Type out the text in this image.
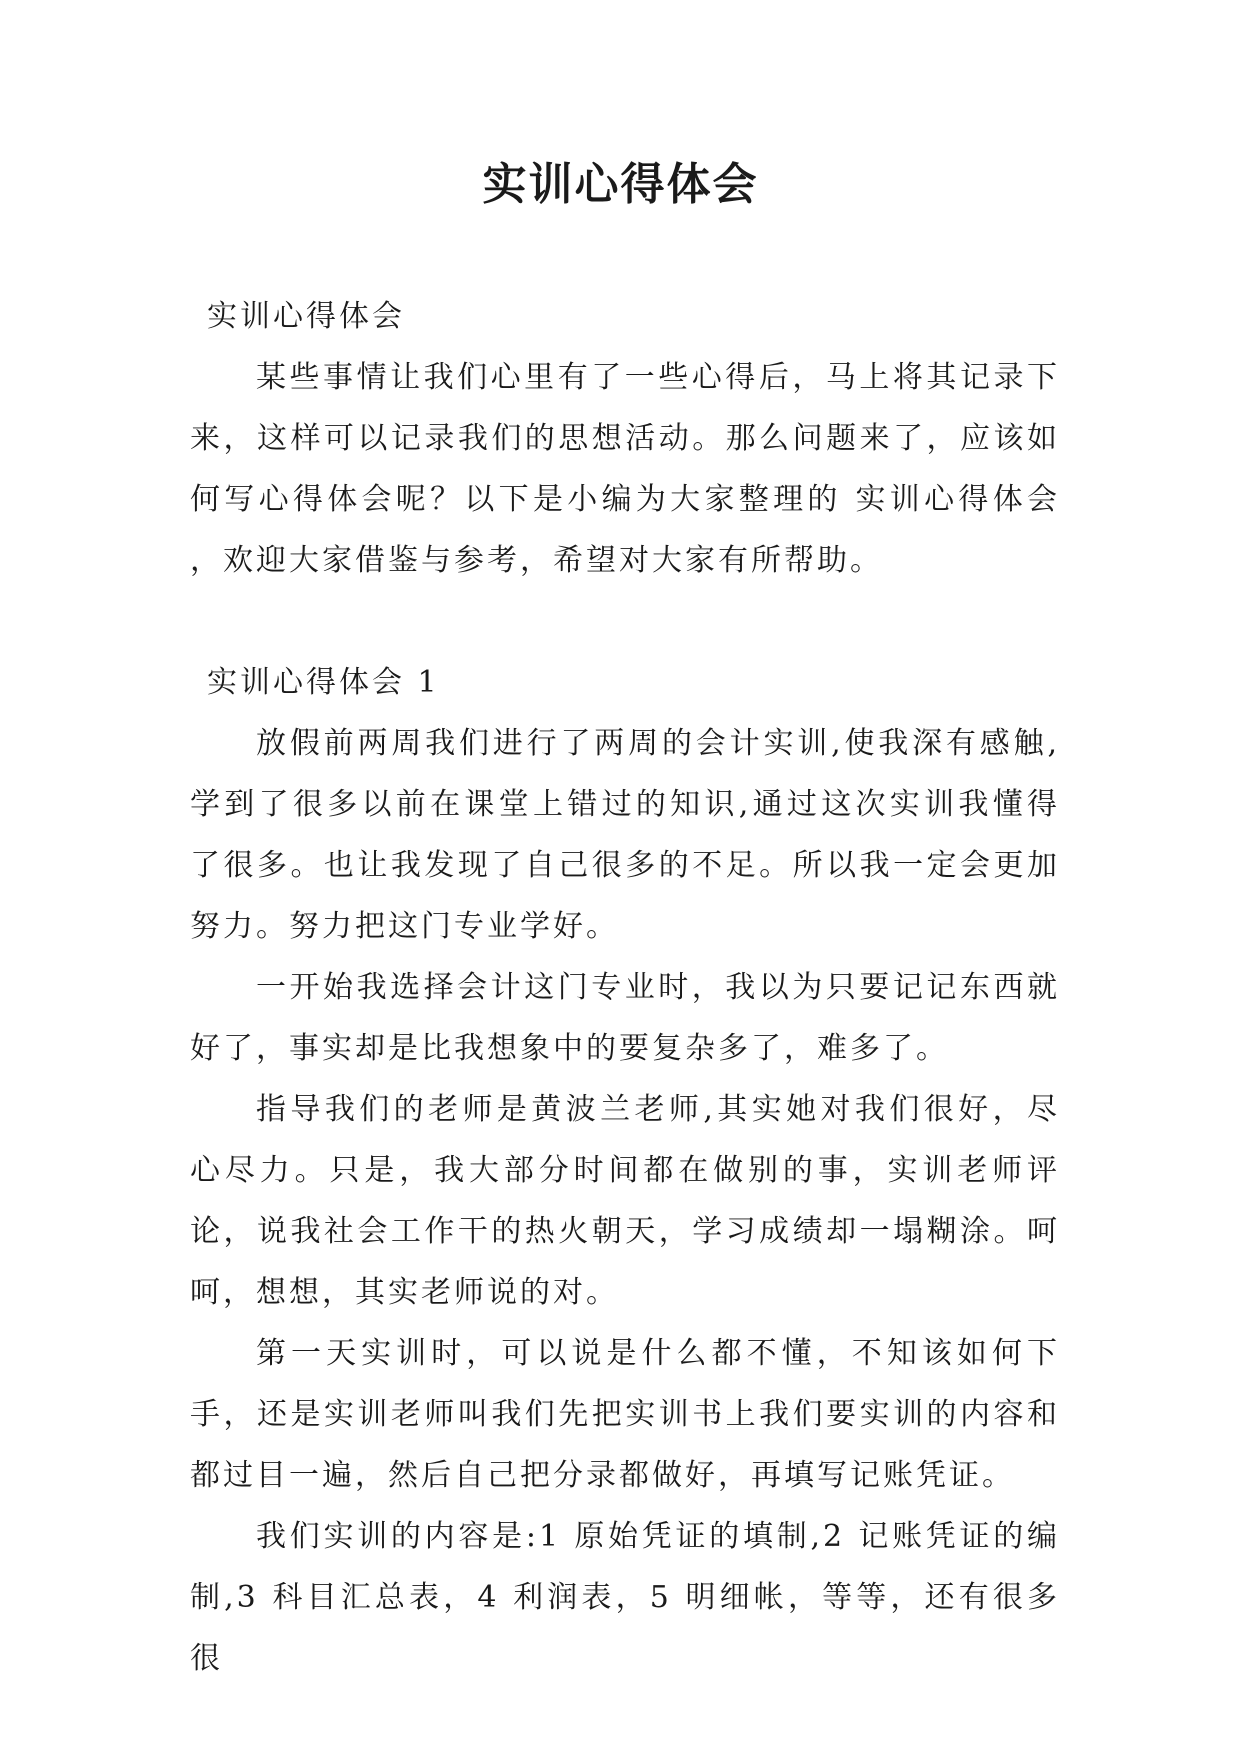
实训心得体会

实训心得体会

某些事情让我们心里有了一些心得后，马上将其记录下来，这样可以记录我们的思想活动。那么问题来了，应该如何写心得体会呢？以下是小编为大家整理的 实训心得体会 ，欢迎大家借鉴与参考，希望对大家有所帮助。

实训心得体会 1

放假前两周我们进行了两周的会计实训,使我深有感触,学到了很多以前在课堂上错过的知识,通过这次实训我懂得了很多。也让我发现了自己很多的不足。所以我一定会更加努力。努力把这门专业学好。

一开始我选择会计这门专业时，我以为只要记记东西就好了，事实却是比我想象中的要复杂多了，难多了。

指导我们的老师是黄波兰老师,其实她对我们很好，尽心尽力。只是，我大部分时间都在做别的事，实训老师评论，说我社会工作干的热火朝天，学习成绩却一塌糊涂。呵呵，想想，其实老师说的对。

第一天实训时，可以说是什么都不懂，不知该如何下手，还是实训老师叫我们先把实训书上我们要实训的内容和都过目一遍，然后自己把分录都做好，再填写记账凭证。

我们实训的内容是:1 原始凭证的填制,2 记账凭证的编制,3 科目汇总表，4 利润表，5 明细帐，等等，还有很多很
